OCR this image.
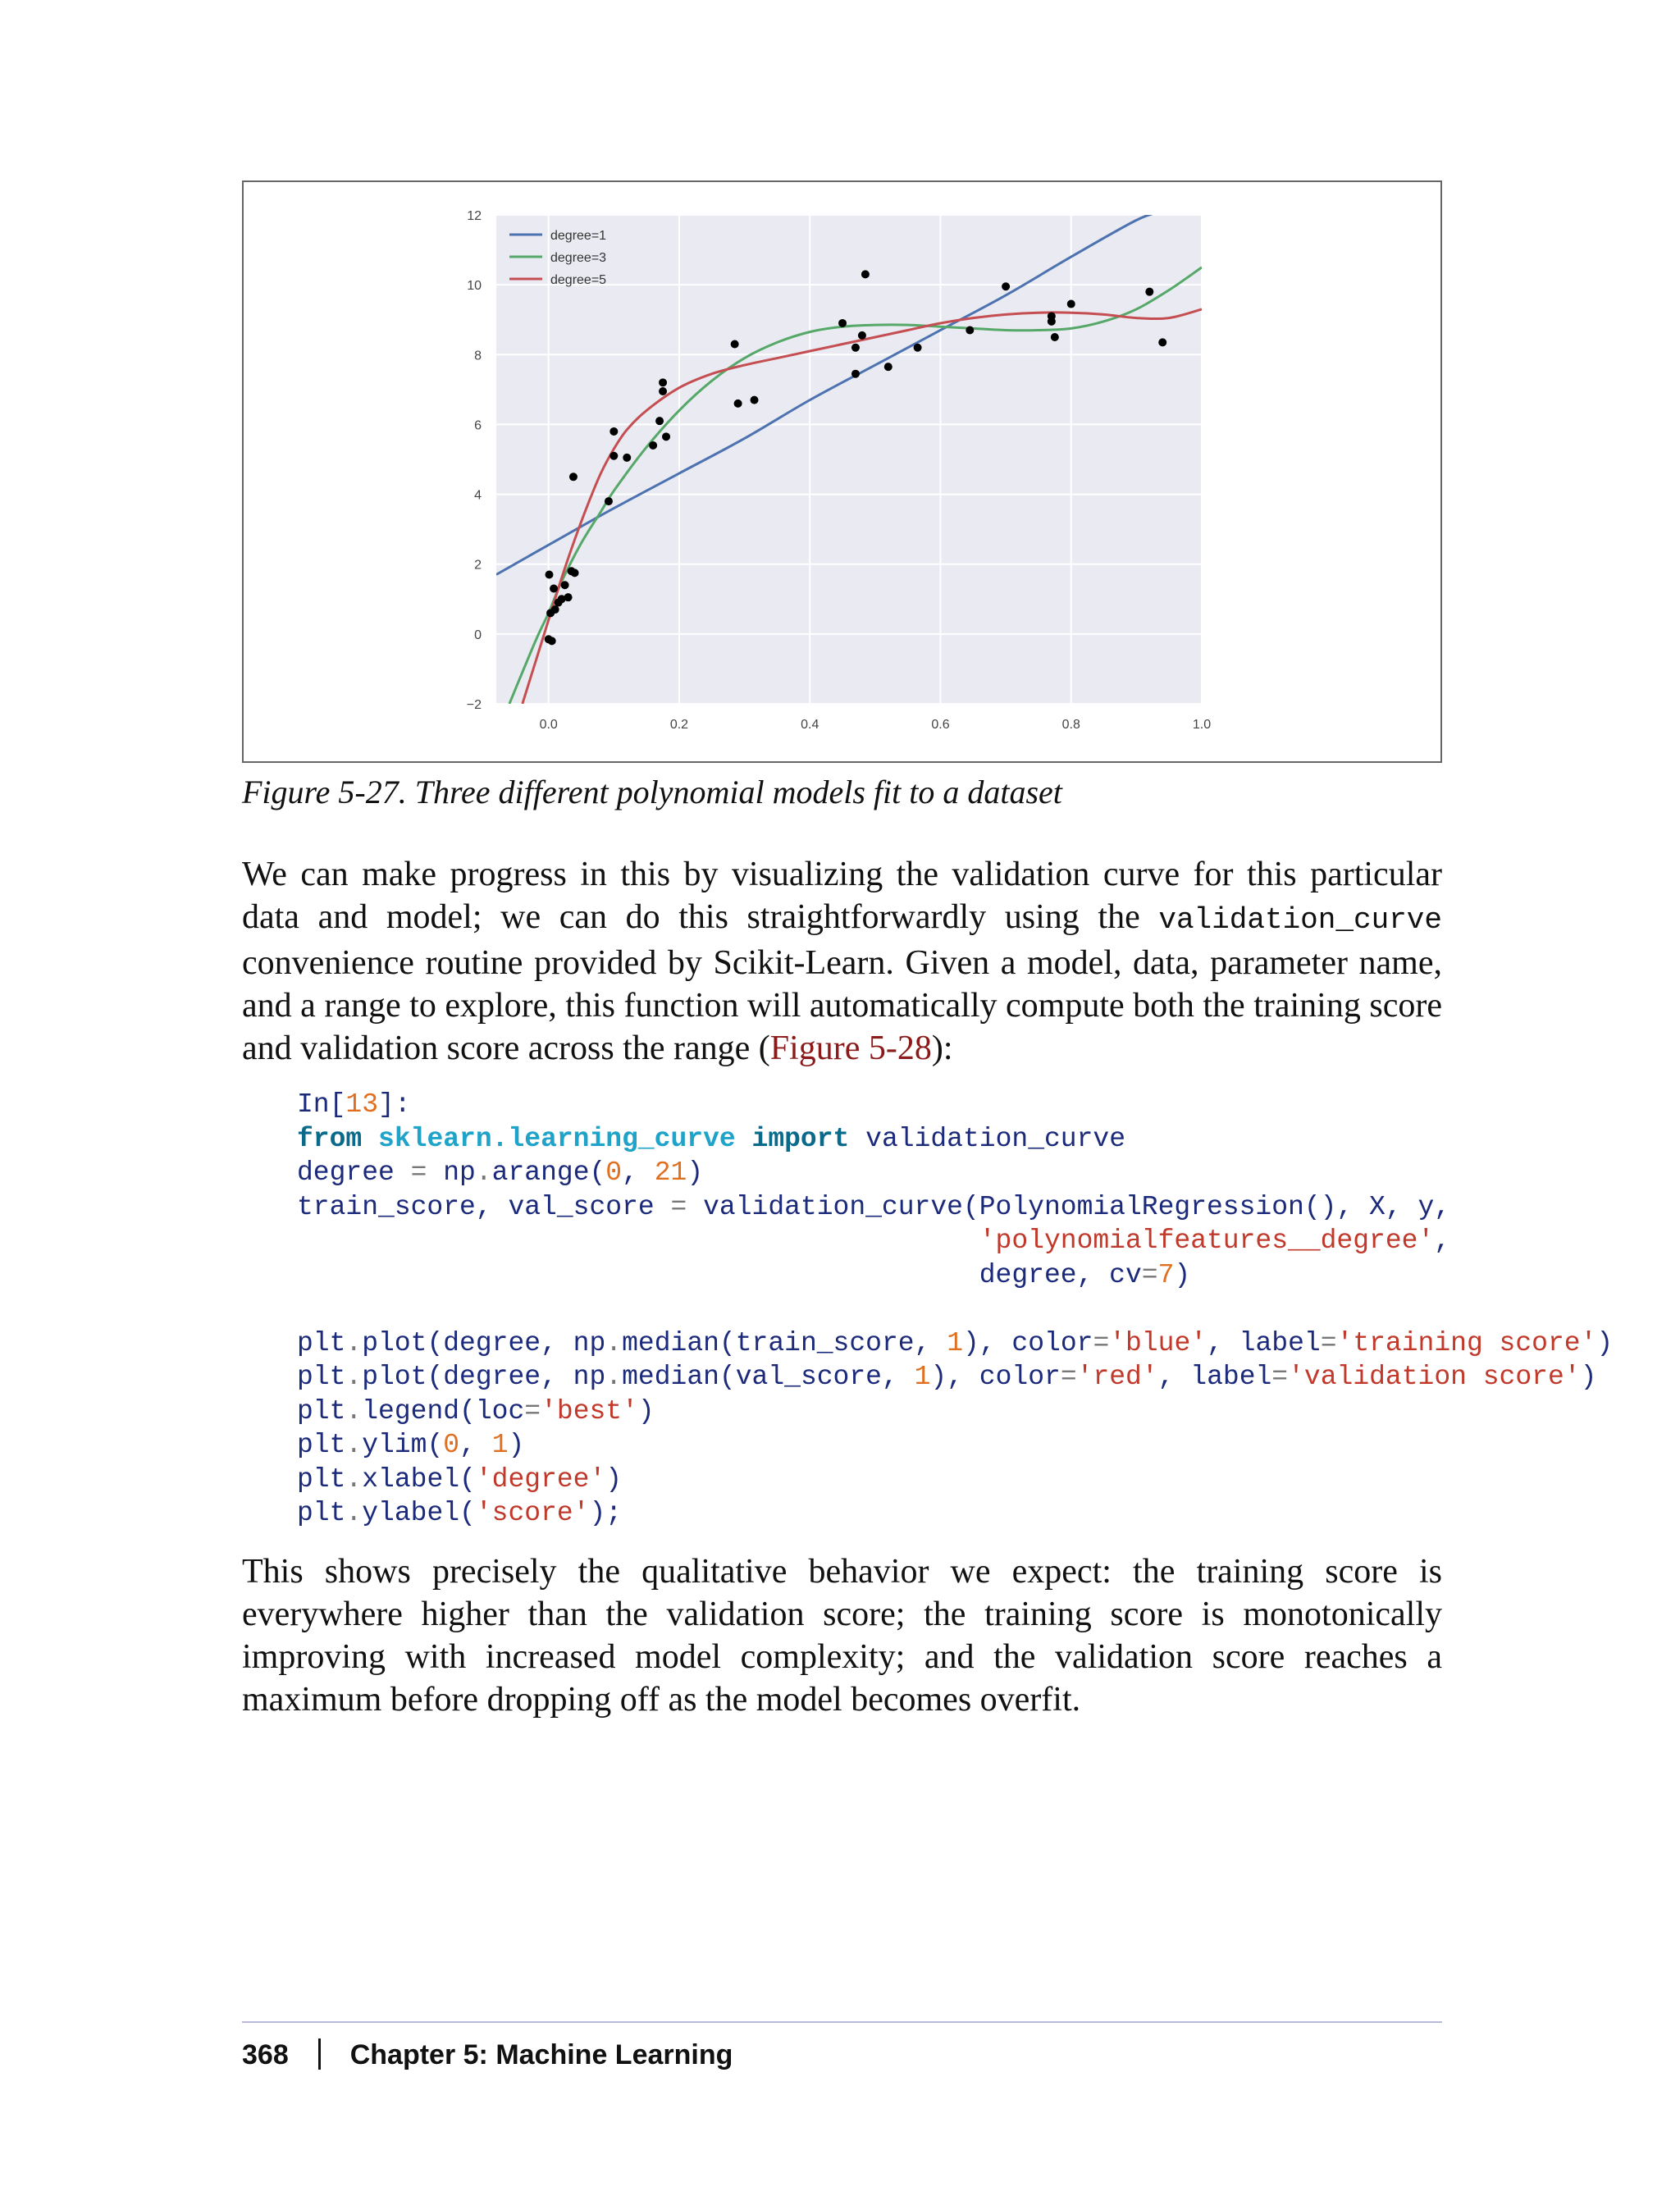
12
10
8
6
4
2
0
−2
0.0	0.2	0.4	0.6	0.8	1.0
degree=1
degree=3
degree=5

Figure 5-27. Three different polynomial models fit to a dataset

We can make progress in this by visualizing the validation curve for this particular data and model; we can do this straightforwardly using the validation_curve convenience routine provided by Scikit-Learn. Given a model, data, parameter name, and a range to explore, this function will automatically compute both the training score and validation score across the range (Figure 5-28):

In[13]:
from sklearn.learning_curve import validation_curve
degree = np.arange(0, 21)
train_score, val_score = validation_curve(PolynomialRegression(), X, y,
'polynomialfeatures__degree',
degree, cv=7)

plt.plot(degree, np.median(train_score, 1), color='blue', label='training score')
plt.plot(degree, np.median(val_score, 1), color='red', label='validation score')
plt.legend(loc='best')
plt.ylim(0, 1)
plt.xlabel('degree')
plt.ylabel('score');

This shows precisely the qualitative behavior we expect: the training score is everywhere higher than the validation score; the training score is monotonically improving with increased model complexity; and the validation score reaches a maximum before dropping off as the model becomes overfit.

368 Chapter 5: Machine Learning
